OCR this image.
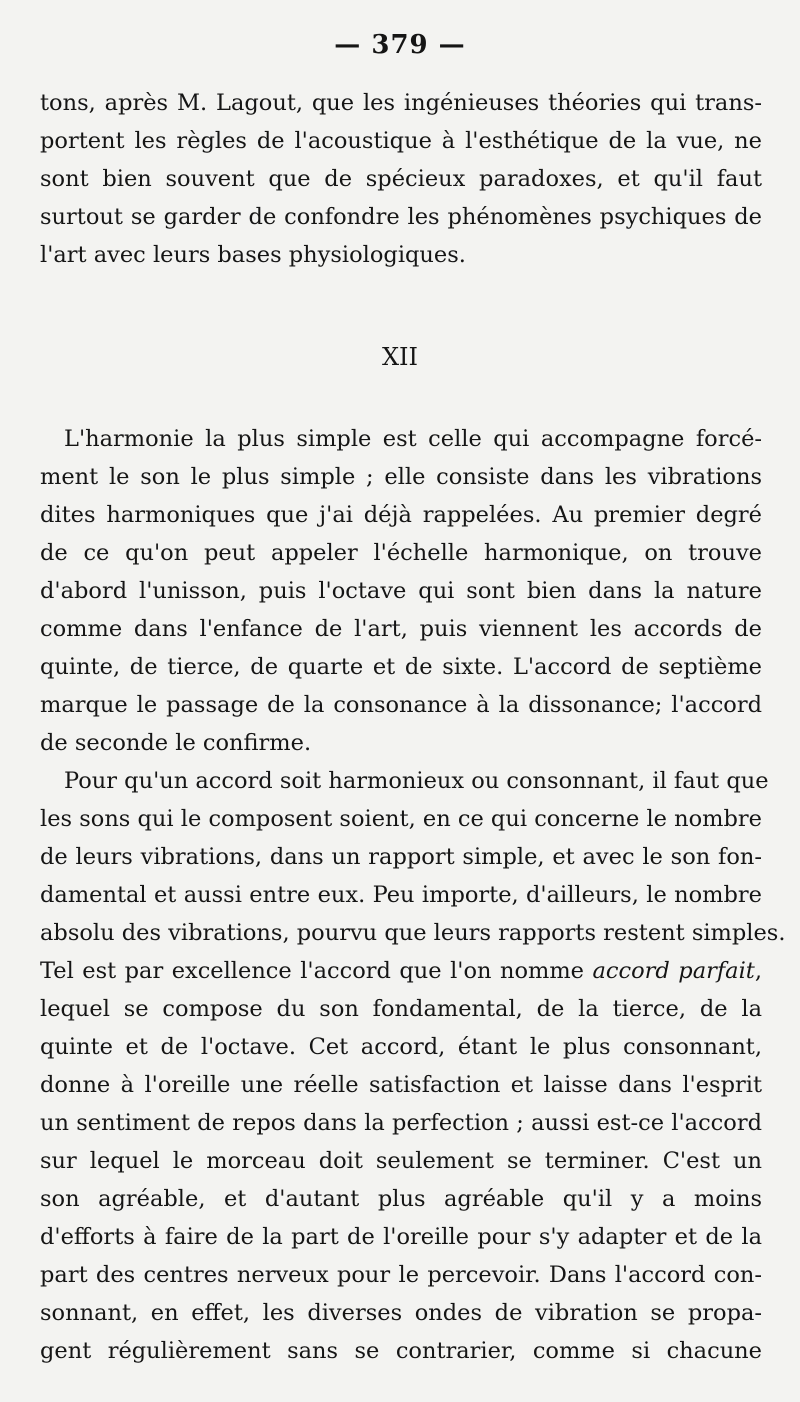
— 379 —
tons, après M. Lagout, que les ingénieuses théories qui trans-
portent les règles de l'acoustique à l'esthétique de la vue, ne
sont bien souvent que de spécieux paradoxes, et qu'il faut
surtout se garder de confondre les phénomènes psychiques de
l'art avec leurs bases physiologiques.
XII
L'harmonie la plus simple est celle qui accompagne forcé-
ment le son le plus simple ; elle consiste dans les vibrations
dites harmoniques que j'ai déjà rappelées. Au premier degré
de ce qu'on peut appeler l'échelle harmonique, on trouve
d'abord l'unisson, puis l'octave qui sont bien dans la nature
comme dans l'enfance de l'art, puis viennent les accords de
quinte, de tierce, de quarte et de sixte. L'accord de septième
marque le passage de la consonance à la dissonance; l'accord
de seconde le confirme.
Pour qu'un accord soit harmonieux ou consonnant, il faut que
les sons qui le composent soient, en ce qui concerne le nombre
de leurs vibrations, dans un rapport simple, et avec le son fon-
damental et aussi entre eux. Peu importe, d'ailleurs, le nombre
absolu des vibrations, pourvu que leurs rapports restent simples.
Tel est par excellence l'accord que l'on nomme accord parfait,
lequel se compose du son fondamental, de la tierce, de la
quinte et de l'octave. Cet accord, étant le plus consonnant,
donne à l'oreille une réelle satisfaction et laisse dans l'esprit
un sentiment de repos dans la perfection ; aussi est-ce l'accord
sur lequel le morceau doit seulement se terminer. C'est un
son agréable, et d'autant plus agréable qu'il y a moins
d'efforts à faire de la part de l'oreille pour s'y adapter et de la
part des centres nerveux pour le percevoir. Dans l'accord con-
sonnant, en effet, les diverses ondes de vibration se propa-
gent régulièrement sans se contrarier, comme si chacune
